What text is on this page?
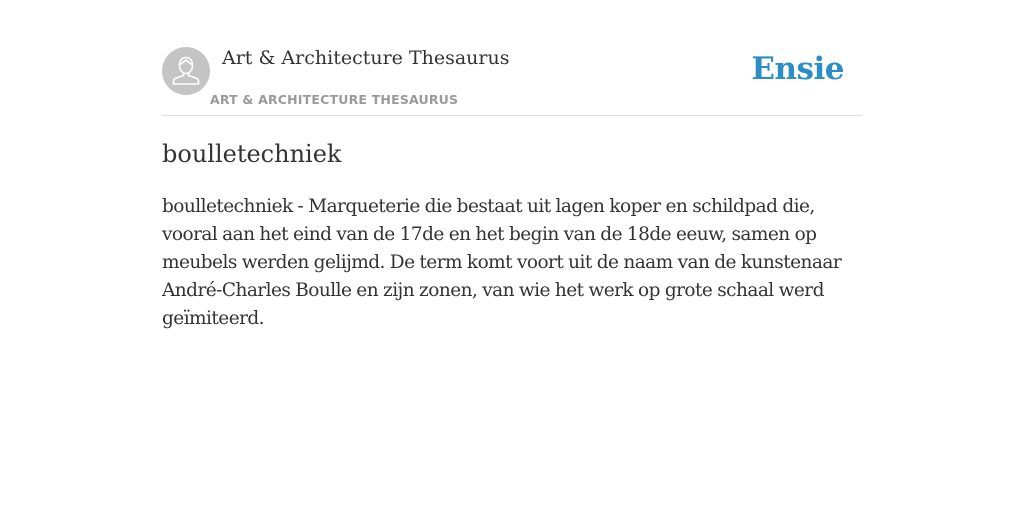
Art & Architecture Thesaurus
ART & ARCHITECTURE THESAURUS
Ensie
boulletechniek

boulletechniek - Marqueterie die bestaat uit lagen koper en schildpad die, vooral aan het eind van de 17de en het begin van de 18de eeuw, samen op meubels werden gelijmd. De term komt voort uit de naam van de kunstenaar André-Charles Boulle en zijn zonen, van wie het werk op grote schaal werd geïmiteerd.
